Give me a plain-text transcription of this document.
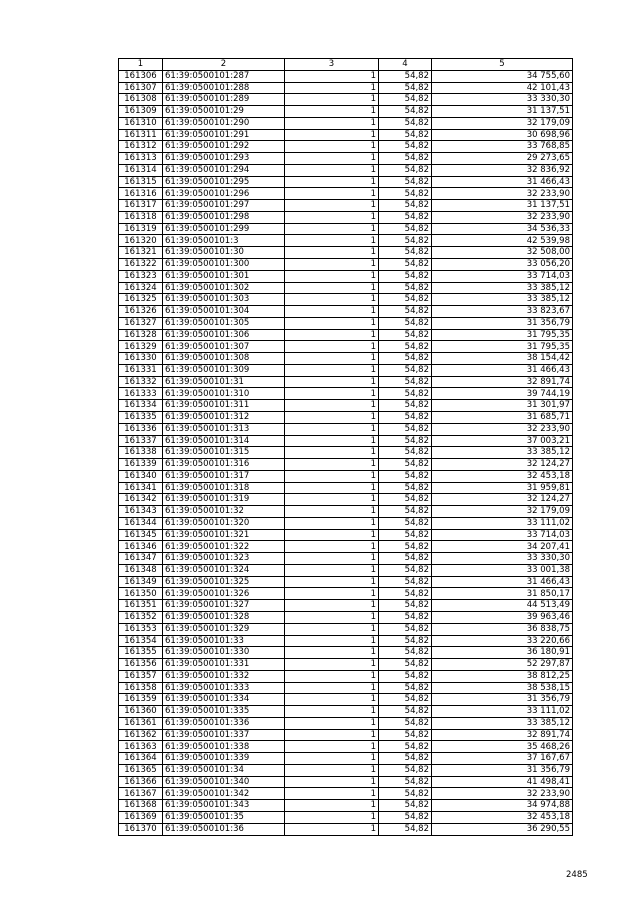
1	2	3	4	5
161306	61:39:0500101:287	1	54,82	34 755,60
161307	61:39:0500101:288	1	54,82	42 101,43
161308	61:39:0500101:289	1	54,82	33 330,30
161309	61:39:0500101:29	1	54,82	31 137,51
161310	61:39:0500101:290	1	54,82	32 179,09
161311	61:39:0500101:291	1	54,82	30 698,96
161312	61:39:0500101:292	1	54,82	33 768,85
161313	61:39:0500101:293	1	54,82	29 273,65
161314	61:39:0500101:294	1	54,82	32 836,92
161315	61:39:0500101:295	1	54,82	31 466,43
161316	61:39:0500101:296	1	54,82	32 233,90
161317	61:39:0500101:297	1	54,82	31 137,51
161318	61:39:0500101:298	1	54,82	32 233,90
161319	61:39:0500101:299	1	54,82	34 536,33
161320	61:39:0500101:3	1	54,82	42 539,98
161321	61:39:0500101:30	1	54,82	32 508,00
161322	61:39:0500101:300	1	54,82	33 056,20
161323	61:39:0500101:301	1	54,82	33 714,03
161324	61:39:0500101:302	1	54,82	33 385,12
161325	61:39:0500101:303	1	54,82	33 385,12
161326	61:39:0500101:304	1	54,82	33 823,67
161327	61:39:0500101:305	1	54,82	31 356,79
161328	61:39:0500101:306	1	54,82	31 795,35
161329	61:39:0500101:307	1	54,82	31 795,35
161330	61:39:0500101:308	1	54,82	38 154,42
161331	61:39:0500101:309	1	54,82	31 466,43
161332	61:39:0500101:31	1	54,82	32 891,74
161333	61:39:0500101:310	1	54,82	39 744,19
161334	61:39:0500101:311	1	54,82	31 301,97
161335	61:39:0500101:312	1	54,82	31 685,71
161336	61:39:0500101:313	1	54,82	32 233,90
161337	61:39:0500101:314	1	54,82	37 003,21
161338	61:39:0500101:315	1	54,82	33 385,12
161339	61:39:0500101:316	1	54,82	32 124,27
161340	61:39:0500101:317	1	54,82	32 453,18
161341	61:39:0500101:318	1	54,82	31 959,81
161342	61:39:0500101:319	1	54,82	32 124,27
161343	61:39:0500101:32	1	54,82	32 179,09
161344	61:39:0500101:320	1	54,82	33 111,02
161345	61:39:0500101:321	1	54,82	33 714,03
161346	61:39:0500101:322	1	54,82	34 207,41
161347	61:39:0500101:323	1	54,82	33 330,30
161348	61:39:0500101:324	1	54,82	33 001,38
161349	61:39:0500101:325	1	54,82	31 466,43
161350	61:39:0500101:326	1	54,82	31 850,17
161351	61:39:0500101:327	1	54,82	44 513,49
161352	61:39:0500101:328	1	54,82	39 963,46
161353	61:39:0500101:329	1	54,82	36 838,75
161354	61:39:0500101:33	1	54,82	33 220,66
161355	61:39:0500101:330	1	54,82	36 180,91
161356	61:39:0500101:331	1	54,82	52 297,87
161357	61:39:0500101:332	1	54,82	38 812,25
161358	61:39:0500101:333	1	54,82	38 538,15
161359	61:39:0500101:334	1	54,82	31 356,79
161360	61:39:0500101:335	1	54,82	33 111,02
161361	61:39:0500101:336	1	54,82	33 385,12
161362	61:39:0500101:337	1	54,82	32 891,74
161363	61:39:0500101:338	1	54,82	35 468,26
161364	61:39:0500101:339	1	54,82	37 167,67
161365	61:39:0500101:34	1	54,82	31 356,79
161366	61:39:0500101:340	1	54,82	41 498,41
161367	61:39:0500101:342	1	54,82	32 233,90
161368	61:39:0500101:343	1	54,82	34 974,88
161369	61:39:0500101:35	1	54,82	32 453,18
161370	61:39:0500101:36	1	54,82	36 290,55
2485
